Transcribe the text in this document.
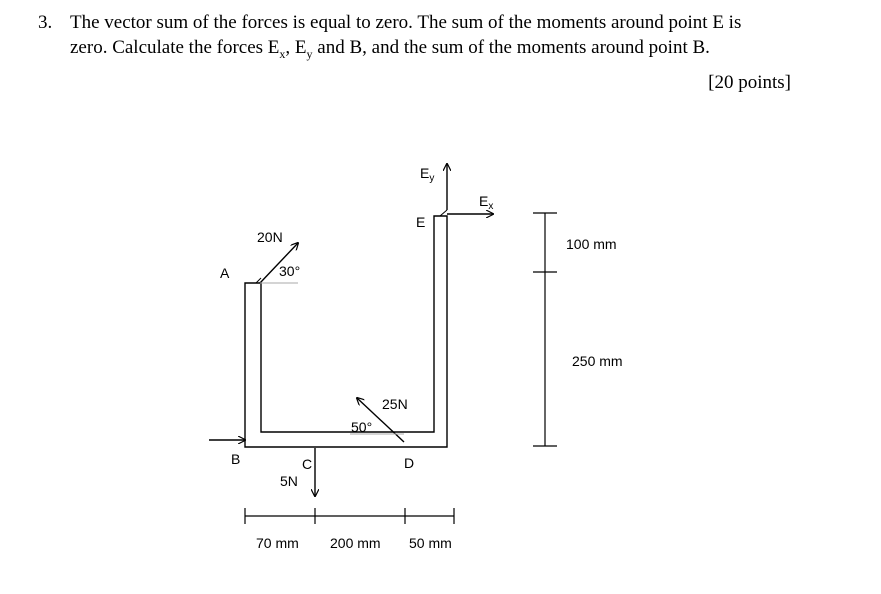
3. The vector sum of the forces is equal to zero. The sum of the moments around point E is
zero. Calculate the forces $E_x$, $E_y$ and B, and the sum of the moments around point B.
[20 points]
20N
30°
A
$E_y$
$E_x$
E
25N
50°
D
B	C
5N
100 mm
250 mm
70 mm 200 mm 50 mm
